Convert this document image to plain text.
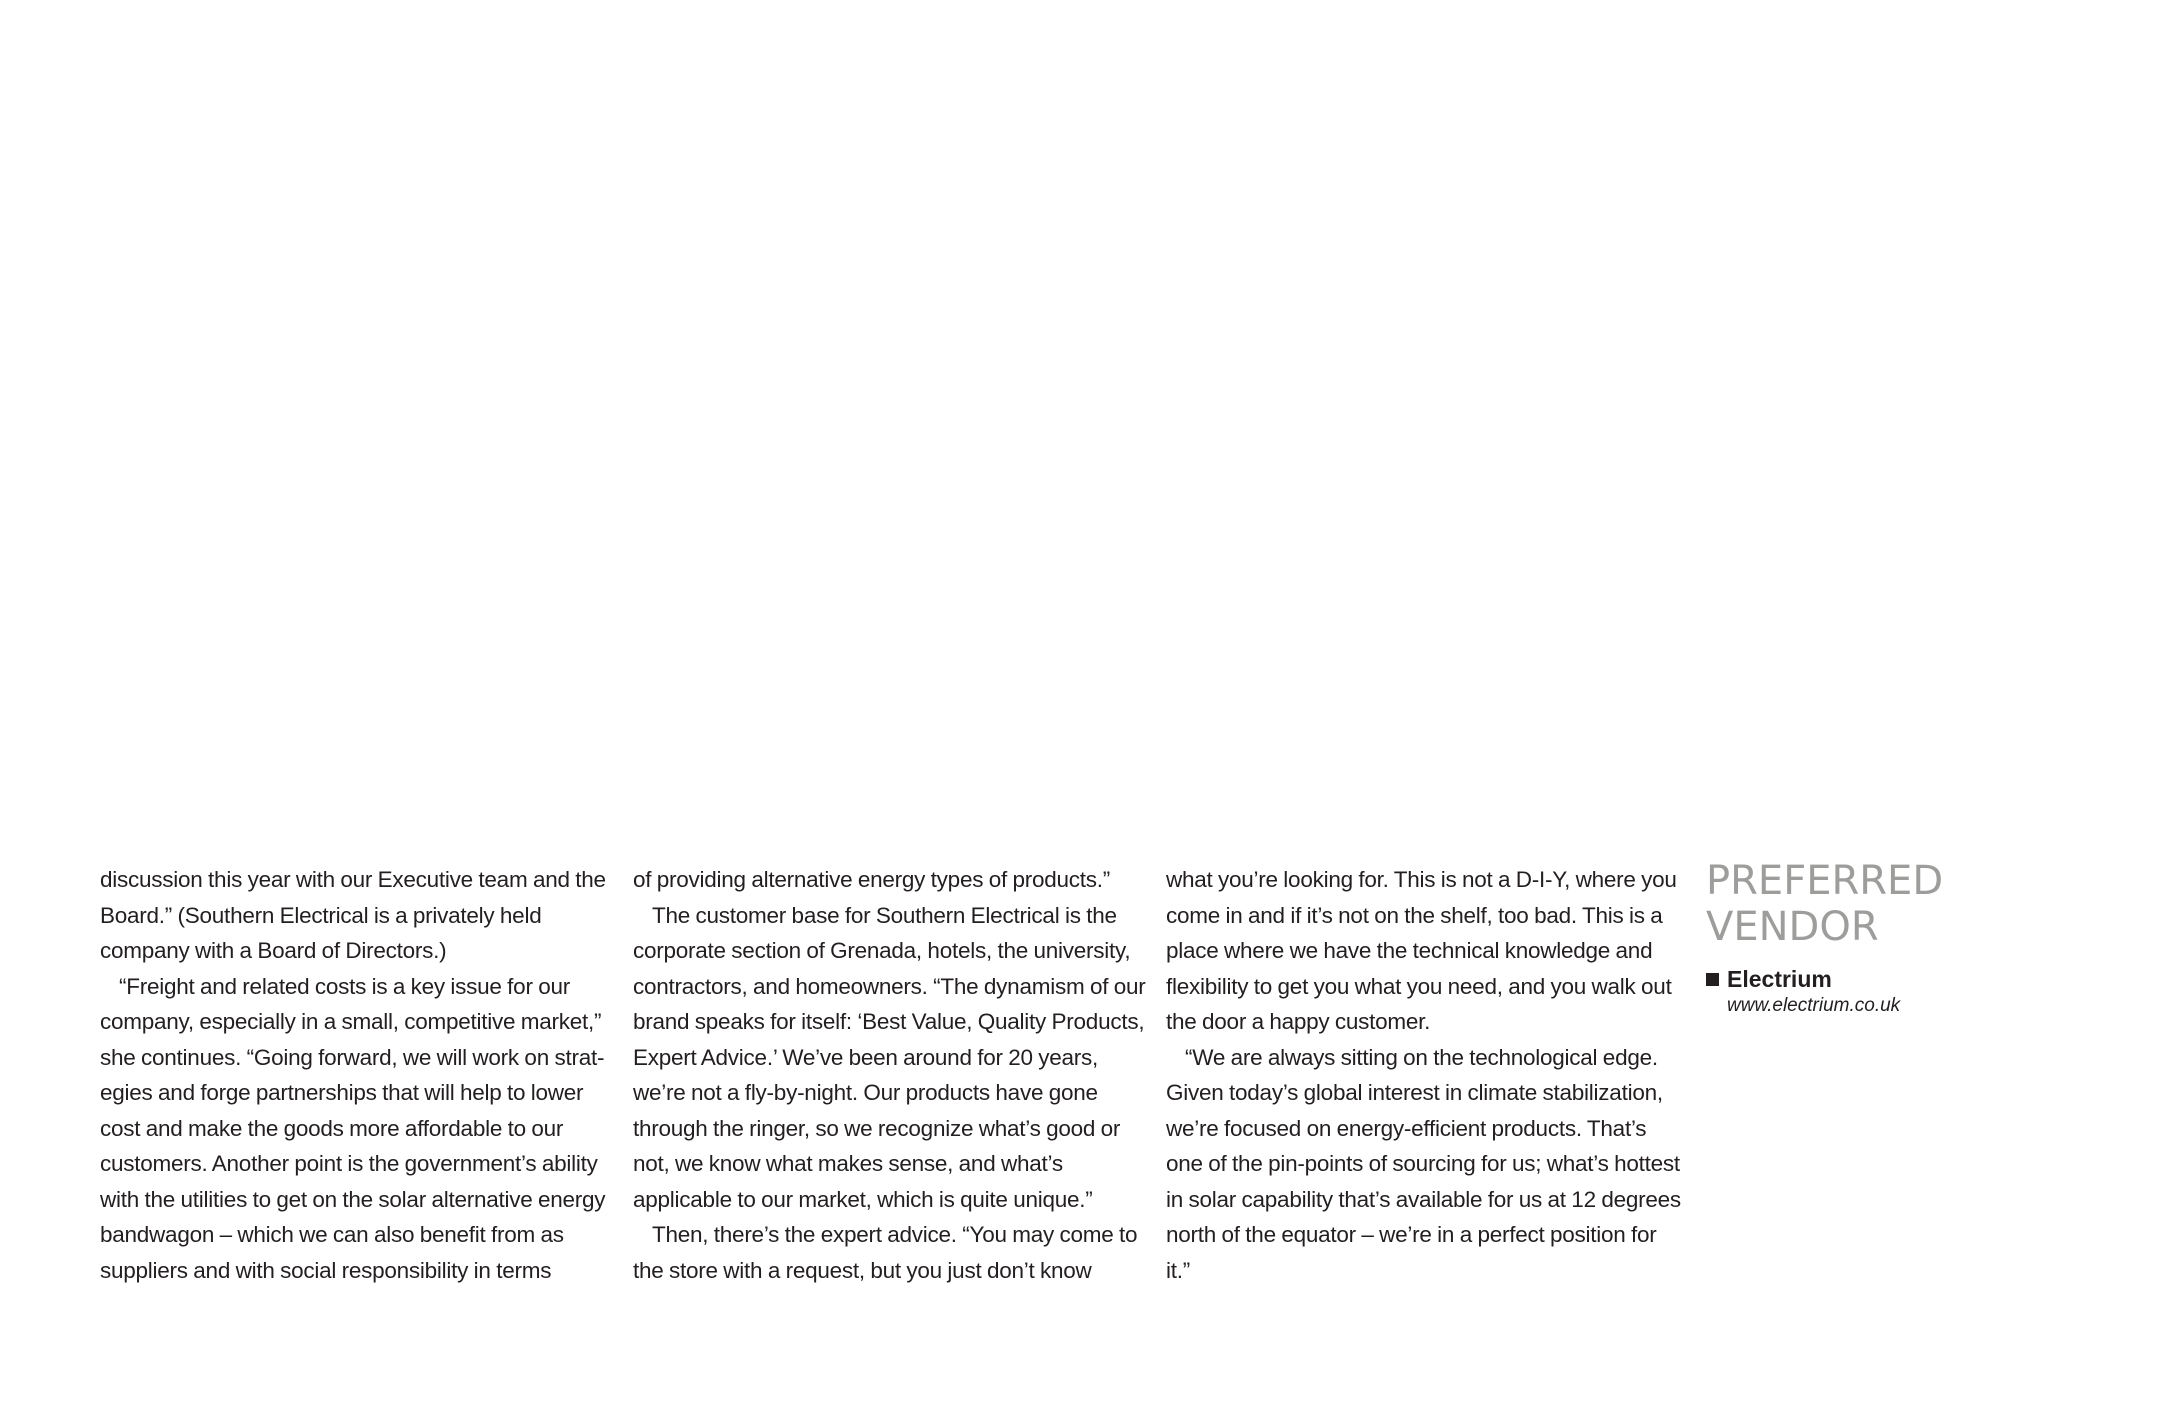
discussion this year with our Executive team and the Board.” (Southern Electrical is a privately held company with a Board of Directors.)

“Freight and related costs is a key issue for our company, especially in a small, competitive market,” she continues. “Going forward, we will work on strategies and forge partnerships that will help to lower cost and make the goods more affordable to our customers. Another point is the government’s ability with the utilities to get on the solar alternative energy bandwagon – which we can also benefit from as suppliers and with social responsibility in terms

of providing alternative energy types of products.”

The customer base for Southern Electrical is the corporate section of Grenada, hotels, the university, contractors, and homeowners. “The dynamism of our brand speaks for itself: ‘Best Value, Quality Products, Expert Advice.’ We’ve been around for 20 years, we’re not a fly-by-night. Our products have gone through the ringer, so we recognize what’s good or not, we know what makes sense, and what’s applicable to our market, which is quite unique.”

Then, there’s the expert advice. “You may come to the store with a request, but you just don’t know

what you’re looking for. This is not a D-I-Y, where you come in and if it’s not on the shelf, too bad. This is a place where we have the technical knowledge and flexibility to get you what you need, and you walk out the door a happy customer.

“We are always sitting on the technological edge. Given today’s global interest in climate stabilization, we’re focused on energy-efficient products. That’s one of the pin-points of sourcing for us; what’s hottest in solar capability that’s available for us at 12 degrees north of the equator – we’re in a perfect position for it.”

PREFERRED VENDOR
Electrium
www.electrium.co.uk
